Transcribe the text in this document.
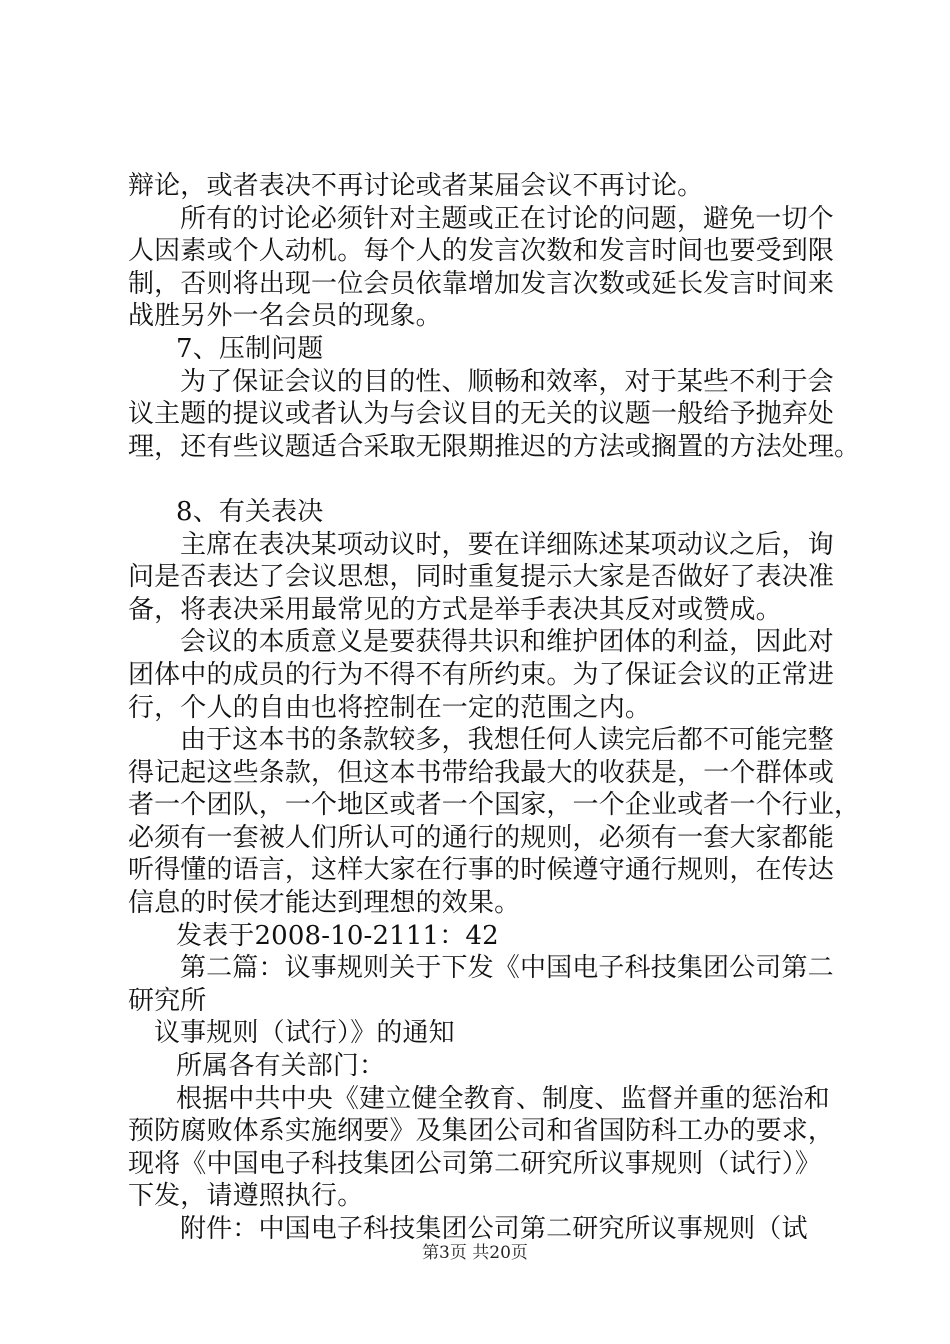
辩论，或者表决不再讨论或者某届会议不再讨论。
所有的讨论必须针对主题或正在讨论的问题，避免一切个
人因素或个人动机。每个人的发言次数和发言时间也要受到限
制，否则将出现一位会员依靠增加发言次数或延长发言时间来
战胜另外一名会员的现象。
7、压制问题
为了保证会议的目的性、顺畅和效率，对于某些不利于会
议主题的提议或者认为与会议目的无关的议题一般给予抛弃处
理，还有些议题适合采取无限期推迟的方法或搁置的方法处理。
8、有关表决
主席在表决某项动议时，要在详细陈述某项动议之后，询
问是否表达了会议思想，同时重复提示大家是否做好了表决准
备，将表决采用最常见的方式是举手表决其反对或赞成。
会议的本质意义是要获得共识和维护团体的利益，因此对
团体中的成员的行为不得不有所约束。为了保证会议的正常进
行，个人的自由也将控制在一定的范围之内。
由于这本书的条款较多，我想任何人读完后都不可能完整
得记起这些条款，但这本书带给我最大的收获是，一个群体或
者一个团队，一个地区或者一个国家，一个企业或者一个行业，
必须有一套被人们所认可的通行的规则，必须有一套大家都能
听得懂的语言，这样大家在行事的时候遵守通行规则，在传达
信息的时侯才能达到理想的效果。
发表于2008-10-2111：42
第二篇：议事规则关于下发《中国电子科技集团公司第二
研究所
议事规则（试行）》的通知
所属各有关部门：
根据中共中央《建立健全教育、制度、监督并重的惩治和
预防腐败体系实施纲要》及集团公司和省国防科工办的要求，
现将《中国电子科技集团公司第二研究所议事规则（试行）》
下发，请遵照执行。
附件：中国电子科技集团公司第二研究所议事规则（试
第3页 共20页
